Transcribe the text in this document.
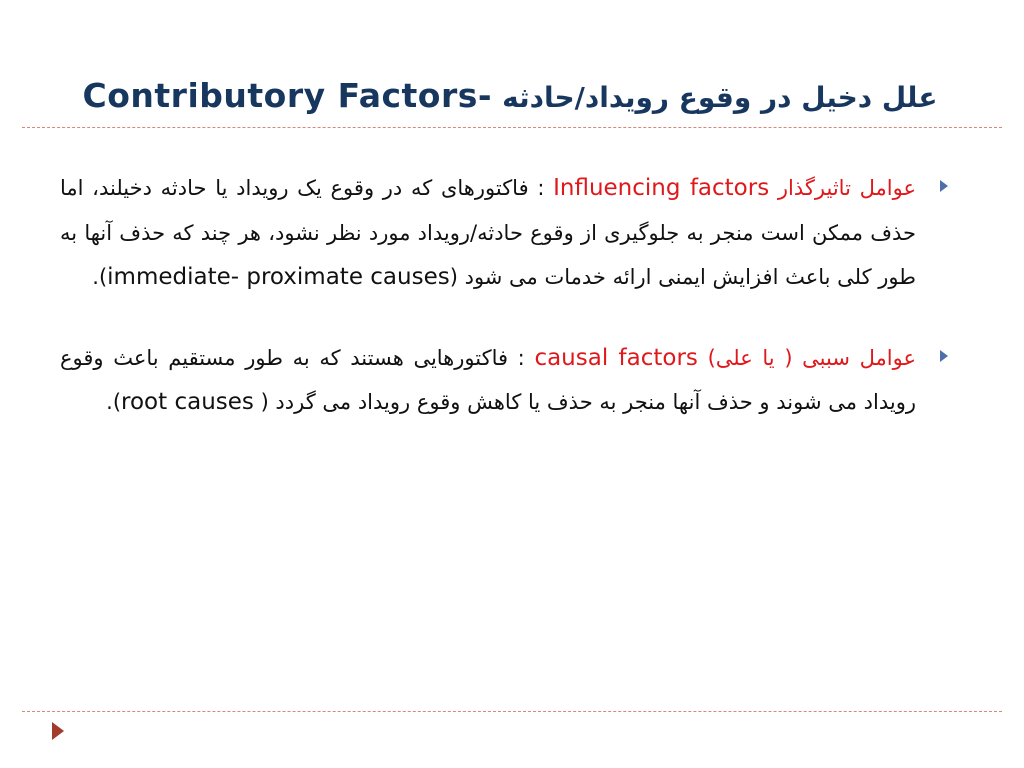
Contributory Factors- علل دخیل در وقوع رویداد/حادثه
عوامل تاثیرگذار Influencing factors : فاکتورهای که در وقوع یک رویداد یا حادثه دخیلند، اما حذف ممکن است منجر به جلوگیری از وقوع حادثه/رویداد مورد نظر نشود، هر چند که حذف آنها به طور کلی باعث افزایش ایمنی ارائه خدمات می شود (immediate- proximate causes).
عوامل سببی ( یا علی) causal factors : فاکتورهایی هستند که به طور مستقیم باعث وقوع رویداد می شوند و حذف آنها منجر به حذف یا کاهش وقوع رویداد می گردد ( root causes).
